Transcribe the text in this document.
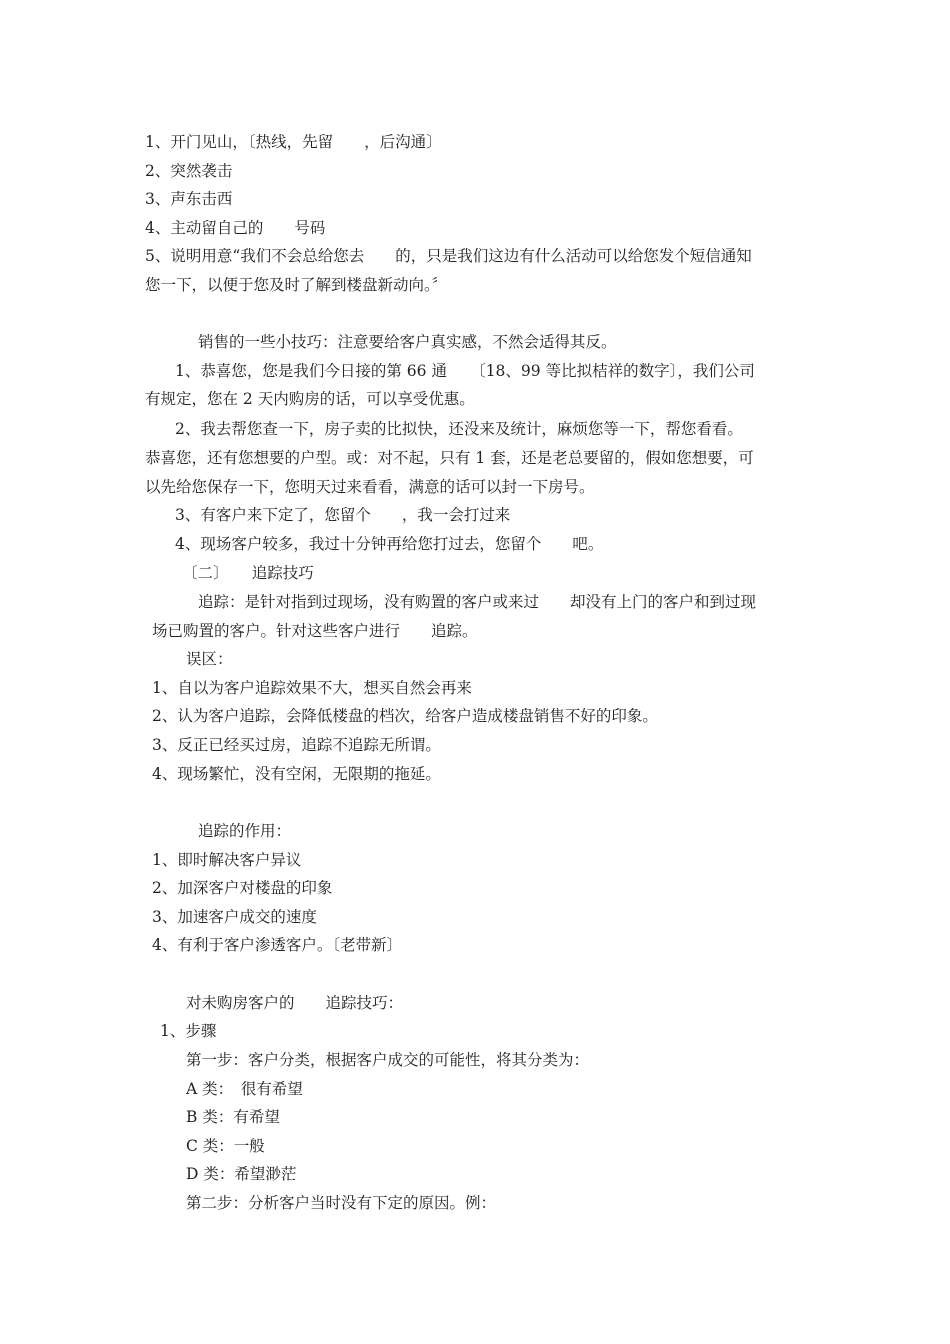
1、开门见山，〔热线，先留　　，后沟通〕
2、突然袭击
3、声东击西
4、主动留自己的　　号码
5、说明用意“我们不会总给您去　　的，只是我们这边有什么活动可以给您发个短信通知
您一下，以便于您及时了解到楼盘新动向。〞
销售的一些小技巧：注意要给客户真实感，不然会适得其反。
1、恭喜您，您是我们今日接的第 66 通　　〔18、99 等比拟桔祥的数字〕，我们公司
有规定，您在 2 天内购房的话，可以享受优惠。
2、我去帮您查一下，房子卖的比拟快，还没来及统计，麻烦您等一下，帮您看看。
恭喜您，还有您想要的户型。或：对不起，只有 1 套，还是老总要留的，假如您想要，可
以先给您保存一下，您明天过来看看，满意的话可以封一下房号。
3、有客户来下定了，您留个　　，我一会打过来
4、现场客户较多，我过十分钟再给您打过去，您留个　　吧。
〔二〕　　追踪技巧
追踪：是针对指到过现场，没有购置的客户或来过　　却没有上门的客户和到过现
场已购置的客户。针对这些客户进行　　追踪。
误区：
1、自以为客户追踪效果不大，想买自然会再来
2、认为客户追踪，会降低楼盘的档次，给客户造成楼盘销售不好的印象。
3、反正已经买过房，追踪不追踪无所谓。
4、现场繁忙，没有空闲，无限期的拖延。
追踪的作用：
1、即时解决客户异议
2、加深客户对楼盘的印象
3、加速客户成交的速度
4、有利于客户渗透客户。〔老带新〕
对未购房客户的　　追踪技巧：
1、步骤
第一步：客户分类，根据客户成交的可能性，将其分类为：
A 类：　很有希望
B 类：有希望
C 类：一般
D 类：希望渺茫
第二步：分析客户当时没有下定的原因。例：
